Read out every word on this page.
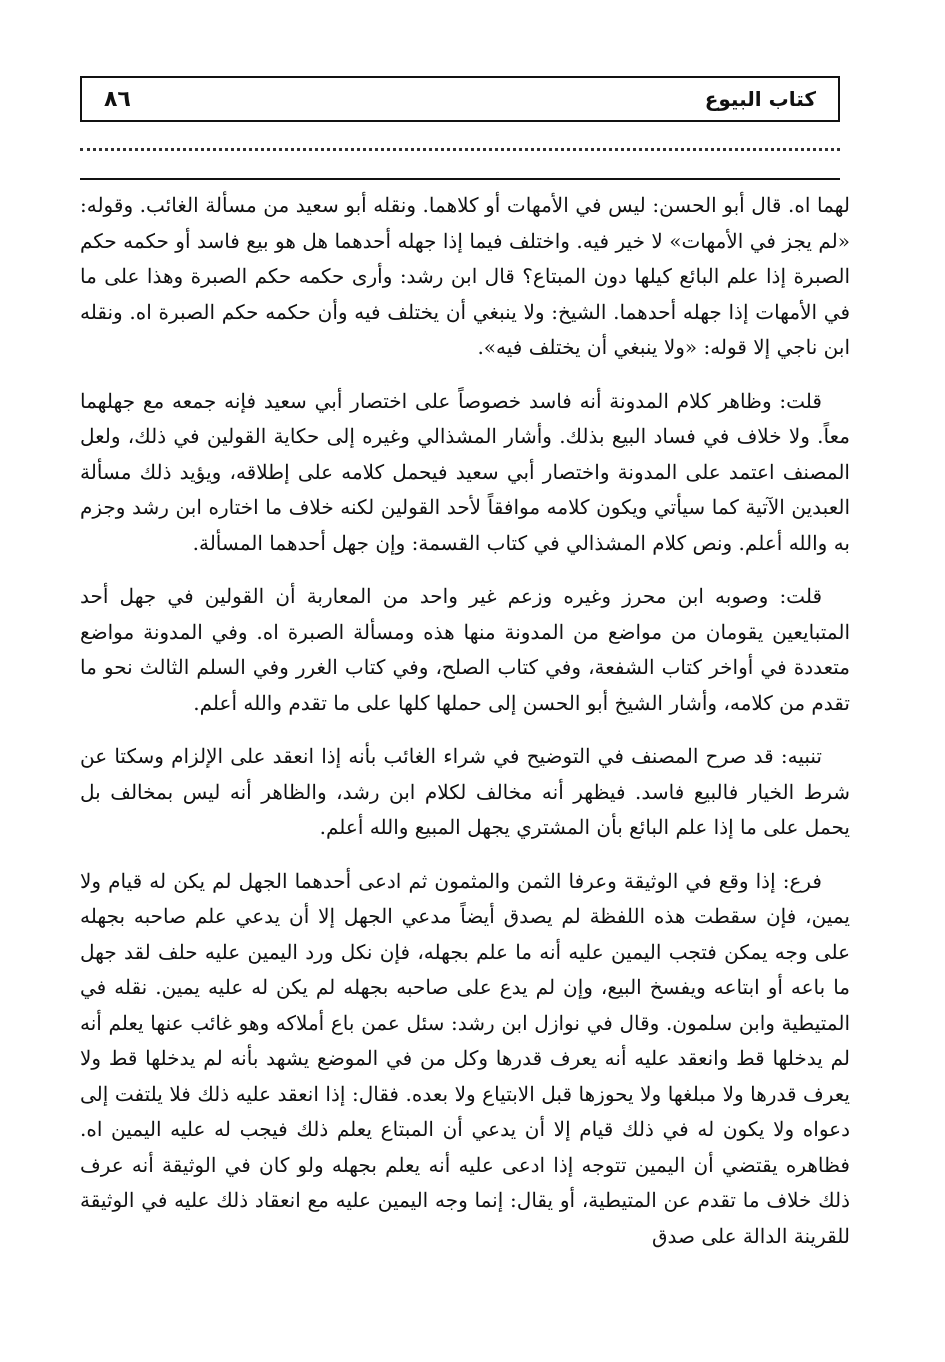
كتاب البيوع
٨٦

لهما اه. قال أبو الحسن: ليس في الأمهات أو كلاهما. ونقله أبو سعيد من مسألة الغائب. وقوله: «لم يجز في الأمهات» لا خير فيه. واختلف فيما إذا جهله أحدهما هل هو بيع فاسد أو حكمه حكم الصبرة إذا علم البائع كيلها دون المبتاع؟ قال ابن رشد: وأرى حكمه حكم الصبرة وهذا على ما في الأمهات إذا جهله أحدهما. الشيخ: ولا ينبغي أن يختلف فيه وأن حكمه حكم الصبرة اه. ونقله ابن ناجي إلا قوله: «ولا ينبغي أن يختلف فيه».

قلت: وظاهر كلام المدونة أنه فاسد خصوصاً على اختصار أبي سعيد فإنه جمعه مع جهلهما معاً. ولا خلاف في فساد البيع بذلك. وأشار المشذالي وغيره إلى حكاية القولين في ذلك، ولعل المصنف اعتمد على المدونة واختصار أبي سعيد فيحمل كلامه على إطلاقه، ويؤيد ذلك مسألة العبدين الآتية كما سيأتي ويكون كلامه موافقاً لأحد القولين لكنه خلاف ما اختاره ابن رشد وجزم به والله أعلم. ونص كلام المشذالي في كتاب القسمة: وإن جهل أحدهما المسألة.

قلت: وصوبه ابن محرز وغيره وزعم غير واحد من المعاربة أن القولين في جهل أحد المتبايعين يقومان من مواضع من المدونة منها هذه ومسألة الصبرة اه. وفي المدونة مواضع متعددة في أواخر كتاب الشفعة، وفي كتاب الصلح، وفي كتاب الغرر وفي السلم الثالث نحو ما تقدم من كلامه، وأشار الشيخ أبو الحسن إلى حملها كلها على ما تقدم والله أعلم.

تنبيه: قد صرح المصنف في التوضيح في شراء الغائب بأنه إذا انعقد على الإلزام وسكتا عن شرط الخيار فالبيع فاسد. فيظهر أنه مخالف لكلام ابن رشد، والظاهر أنه ليس بمخالف بل يحمل على ما إذا علم البائع بأن المشتري يجهل المبيع والله أعلم.

فرع: إذا وقع في الوثيقة وعرفا الثمن والمثمون ثم ادعى أحدهما الجهل لم يكن له قيام ولا يمين، فإن سقطت هذه اللفظة لم يصدق أيضاً مدعي الجهل إلا أن يدعي علم صاحبه بجهله على وجه يمكن فتجب اليمين عليه أنه ما علم بجهله، فإن نكل ورد اليمين عليه حلف لقد جهل ما باعه أو ابتاعه ويفسخ البيع، وإن لم يدع على صاحبه بجهله لم يكن له عليه يمين. نقله في المتيطية وابن سلمون. وقال في نوازل ابن رشد: سئل عمن باع أملاكه وهو غائب عنها يعلم أنه لم يدخلها قط وانعقد عليه أنه يعرف قدرها وكل من في الموضع يشهد بأنه لم يدخلها قط ولا يعرف قدرها ولا مبلغها ولا يحوزها قبل الابتياع ولا بعده. فقال: إذا انعقد عليه ذلك فلا يلتفت إلى دعواه ولا يكون له في ذلك قيام إلا أن يدعي أن المبتاع يعلم ذلك فيجب له عليه اليمين اه. فظاهره يقتضي أن اليمين تتوجه إذا ادعى عليه أنه يعلم بجهله ولو كان في الوثيقة أنه عرف ذلك خلاف ما تقدم عن المتيطية، أو يقال: إنما وجه اليمين عليه مع انعقاد ذلك عليه في الوثيقة للقرينة الدالة على صدق
